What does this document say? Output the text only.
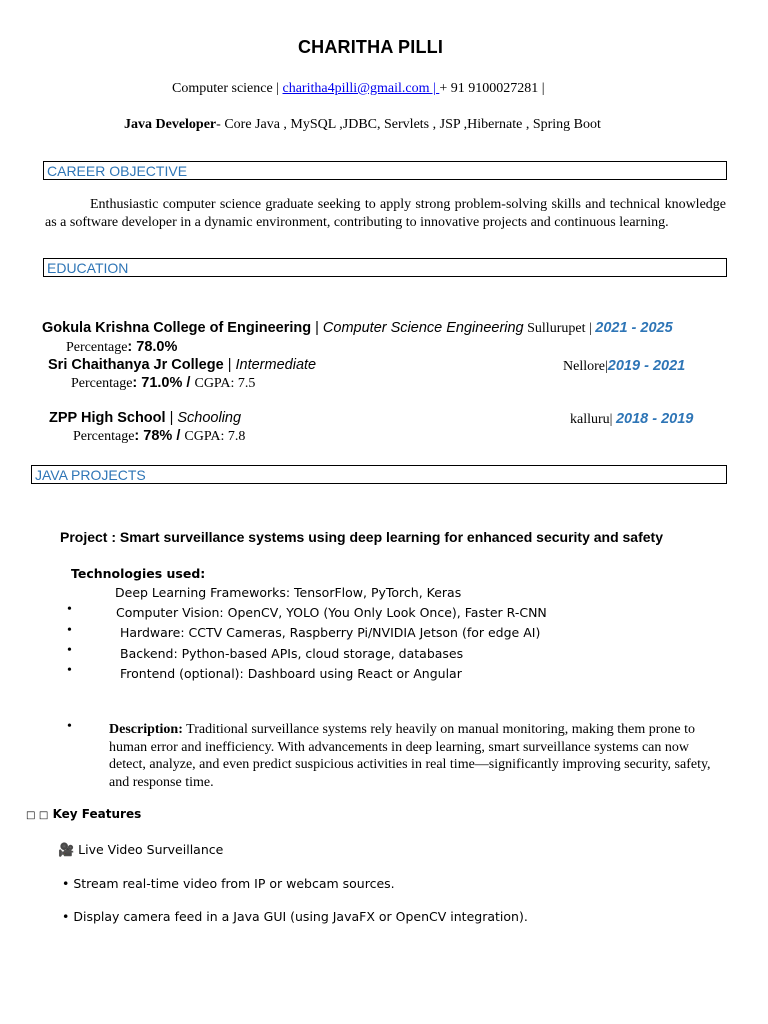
CHARITHA PILLI
Computer science | charitha4pilli@gmail.com | + 91 9100027281 |
Java Developer- Core Java , MySQL ,JDBC, Servlets , JSP ,Hibernate , Spring Boot
CAREER OBJECTIVE
Enthusiastic computer science graduate seeking to apply strong problem-solving skills and technical knowledge as a software developer in a dynamic environment, contributing to innovative projects and continuous learning.
EDUCATION
Gokula Krishna College of Engineering | Computer Science Engineering Sullurupet | 2021 - 2025
Percentage: 78.0%
Sri Chaithanya Jr College | Intermediate	Nellore|2019 - 2021
Percentage: 71.0% / CGPA: 7.5
ZPP High School | Schooling	kalluru| 2018 - 2019
Percentage: 78% / CGPA: 7.8
JAVA PROJECTS
Project : Smart surveillance systems using deep learning for enhanced security and safety
Technologies used:
Deep Learning Frameworks: TensorFlow, PyTorch, Keras
•	Computer Vision: OpenCV, YOLO (You Only Look Once), Faster R-CNN
•	Hardware: CCTV Cameras, Raspberry Pi/NVIDIA Jetson (for edge AI)
•	Backend: Python-based APIs, cloud storage, databases
•	Frontend (optional): Dashboard using React or Angular
•	Description: Traditional surveillance systems rely heavily on manual monitoring, making them prone to human error and inefficiency. With advancements in deep learning, smart surveillance systems can now detect, analyze, and even predict suspicious activities in real time—significantly improving security, safety, and response time.
□ □ Key Features
🎥 Live Video Surveillance
• Stream real-time video from IP or webcam sources.
• Display camera feed in a Java GUI (using JavaFX or OpenCV integration).
